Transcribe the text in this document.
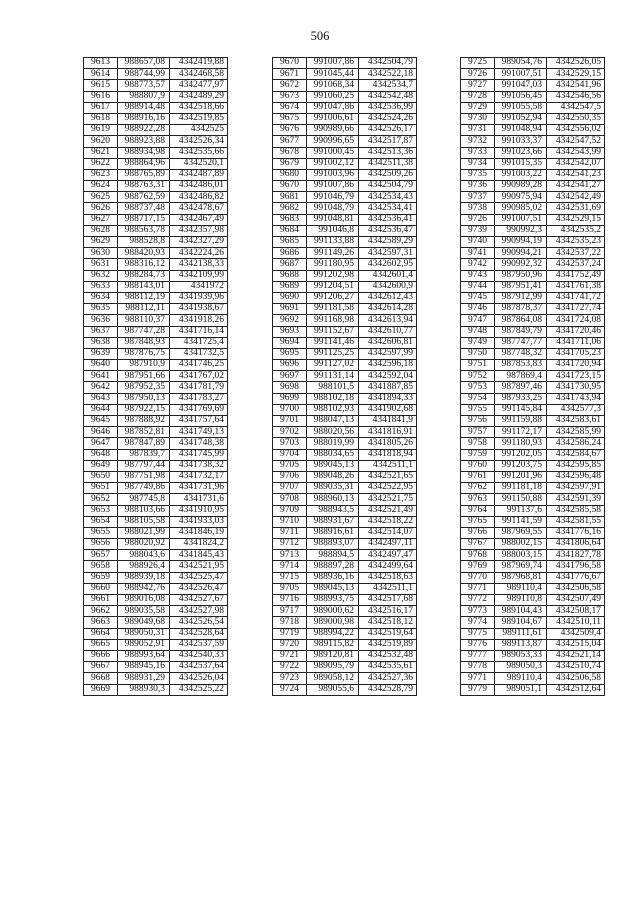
506
9613	988657,08	4342419,88
9614	988744,99	4342468,58
9615	988773,57	4342477,97
9616	988807,9	4342489,29
9617	988914,48	4342518,66
9618	988916,16	4342519,85
9619	988922,28	4342525
9620	988923,88	4342526,34
9621	988934,98	4342535,66
9622	988864,96	4342520,1
9623	988765,89	4342487,89
9624	988763,31	4342486,01
9625	988762,59	4342486,82
9626	988737,48	4342478,67
9627	988717,15	4342467,49
9628	988563,78	4342357,98
9629	988528,8	4342327,29
9630	988420,93	4342224,26
9631	988316,12	4342138,33
9632	988284,73	4342109,99
9633	988143,01	4341972
9634	988112,19	4341939,96
9635	988112,11	4341938,67
9636	988110,37	4341918,26
9637	987747,28	4341716,14
9638	987848,93	4341725,4
9639	987876,75	4341732,5
9640	987910,9	4341746,25
9641	987951,66	4341767,02
9642	987952,35	4341781,79
9643	987950,13	4341783,27
9644	987922,15	4341769,69
9645	987888,92	4341757,64
9646	987852,81	4341749,13
9647	987847,89	4341748,38
9648	987839,7	4341745,99
9649	987797,44	4341738,32
9650	987751,98	4341732,17
9651	987749,86	4341731,96
9652	987745,8	4341731,6
9653	988103,66	4341910,95
9654	988105,58	4341933,03
9655	988021,99	4341846,19
9656	988020,92	4341824,2
9657	988043,6	4341845,43
9658	988926,4	4342521,95
9659	988939,18	4342525,47
9660	988942,76	4342526,47
9661	989016,08	4342527,67
9662	989035,58	4342527,98
9663	989049,68	4342526,54
9664	989050,31	4342528,64
9665	989052,91	4342537,59
9666	988993,64	4342540,33
9667	988945,16	4342537,64
9668	988931,29	4342526,04
9669	988930,3	4342525,22
9670	991007,86	4342504,79
9671	991045,44	4342522,18
9672	991068,34	4342534,7
9673	991060,25	4342542,48
9674	991047,86	4342536,99
9675	991006,61	4342524,26
9676	990989,66	4342526,17
9677	990996,65	4342517,87
9678	991000,45	4342513,36
9679	991002,12	4342511,38
9680	991003,96	4342509,26
9670	991007,86	4342504,79
9681	991046,79	4342534,43
9682	991048,79	4342534,41
9683	991048,81	4342536,41
9684	991046,8	4342536,47
9685	991133,88	4342589,29
9686	991149,26	4342597,31
9687	991180,95	4342602,95
9688	991202,98	4342601,4
9689	991204,51	4342600,9
9690	991206,27	4342612,43
9691	991181,58	4342614,28
9692	991168,98	4342613,94
9693	991152,67	4342610,77
9694	991141,46	4342606,81
9695	991125,25	4342597,99
9696	991127,02	4342596,18
9697	991131,14	4342592,04
9698	988101,5	4341887,85
9699	988102,18	4341894,33
9700	988102,93	4341902,68
9701	988047,13	4341841,9
9702	988020,56	4341816,91
9703	988019,99	4341805,26
9704	988034,65	4341818,94
9705	989045,13	4342511,1
9706	989048,26	4342521,65
9707	989035,31	4342522,95
9708	988960,13	4342521,75
9709	988943,5	4342521,49
9710	988931,67	4342518,22
9711	988916,61	4342514,07
9712	988893,07	4342497,11
9713	988894,5	4342497,47
9714	988897,28	4342499,64
9715	988936,16	4342518,63
9705	989045,13	4342511,1
9716	988993,75	4342517,68
9717	989000,62	4342516,17
9718	989000,98	4342518,12
9719	988994,22	4342519,64
9720	989115,82	4342519,89
9721	989120,81	4342532,48
9722	989095,79	4342535,61
9723	989058,12	4342527,36
9724	989055,6	4342528,79
9725	989054,76	4342526,05
9726	991007,51	4342529,15
9727	991047,03	4342541,96
9728	991056,45	4342546,56
9729	991055,58	4342547,5
9730	991052,94	4342550,35
9731	991048,94	4342556,02
9732	991033,37	4342547,52
9733	991023,66	4342543,99
9734	991015,35	4342542,07
9735	991003,22	4342541,23
9736	990989,28	4342541,27
9737	990975,94	4342542,49
9738	990985,02	4342531,69
9726	991007,51	4342529,15
9739	990992,3	4342535,2
9740	990994,19	4342535,23
9741	990994,21	4342537,22
9742	990992,32	4342537,24
9743	987950,96	4341752,49
9744	987951,41	4341761,38
9745	987912,99	4341741,72
9746	987878,37	4341727,74
9747	987864,08	4341724,08
9748	987849,79	4341720,46
9749	987747,77	4341711,06
9750	987748,32	4341705,23
9751	987853,83	4341720,94
9752	987869,4	4341723,15
9753	987897,46	4341730,95
9754	987933,25	4341743,94
9755	991145,84	4342577,3
9756	991159,88	4342583,61
9757	991172,17	4342585,99
9758	991180,93	4342586,24
9759	991202,05	4342584,67
9760	991203,75	4342595,85
9761	991201,96	4342596,48
9762	991181,18	4342597,91
9763	991150,88	4342591,39
9764	991137,6	4342585,58
9765	991141,59	4342581,55
9766	987969,55	4341776,16
9767	988002,15	4341806,64
9768	988003,15	4341827,78
9769	987969,74	4341796,58
9770	987968,81	4341776,67
9771	989110,4	4342506,58
9772	989110,8	4342507,49
9773	989104,43	4342508,17
9774	989104,67	4342510,11
9775	989111,61	4342509,4
9776	989113,87	4342515,04
9777	989053,33	4342521,14
9778	989050,3	4342510,74
9771	989110,4	4342506,58
9779	989051,1	4342512,64
